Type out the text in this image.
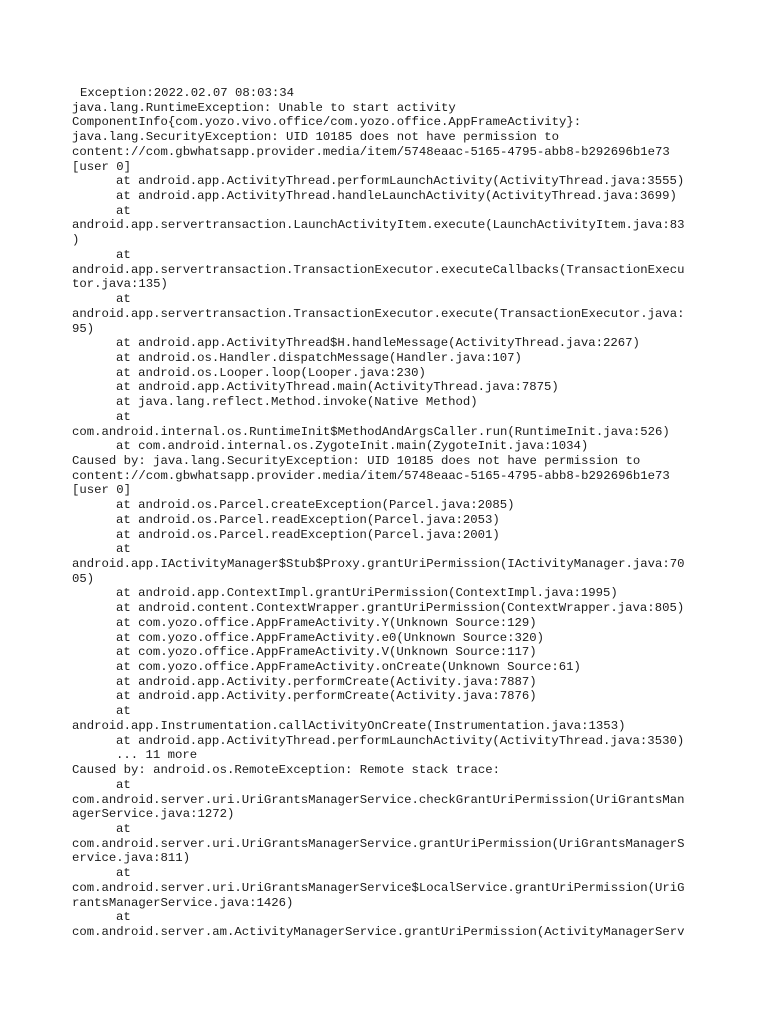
Exception:2022.02.07 08:03:34
java.lang.RuntimeException: Unable to start activity
ComponentInfo{com.yozo.vivo.office/com.yozo.office.AppFrameActivity}:
java.lang.SecurityException: UID 10185 does not have permission to
content://com.gbwhatsapp.provider.media/item/5748eaac-5165-4795-abb8-b292696b1e73
[user 0]
at android.app.ActivityThread.performLaunchActivity(ActivityThread.java:3555)
at android.app.ActivityThread.handleLaunchActivity(ActivityThread.java:3699)
at
android.app.servertransaction.LaunchActivityItem.execute(LaunchActivityItem.java:83
)
at
android.app.servertransaction.TransactionExecutor.executeCallbacks(TransactionExecu
tor.java:135)
at
android.app.servertransaction.TransactionExecutor.execute(TransactionExecutor.java:
95)
at android.app.ActivityThread$H.handleMessage(ActivityThread.java:2267)
at android.os.Handler.dispatchMessage(Handler.java:107)
at android.os.Looper.loop(Looper.java:230)
at android.app.ActivityThread.main(ActivityThread.java:7875)
at java.lang.reflect.Method.invoke(Native Method)
at
com.android.internal.os.RuntimeInit$MethodAndArgsCaller.run(RuntimeInit.java:526)
at com.android.internal.os.ZygoteInit.main(ZygoteInit.java:1034)
Caused by: java.lang.SecurityException: UID 10185 does not have permission to
content://com.gbwhatsapp.provider.media/item/5748eaac-5165-4795-abb8-b292696b1e73
[user 0]
at android.os.Parcel.createException(Parcel.java:2085)
at android.os.Parcel.readException(Parcel.java:2053)
at android.os.Parcel.readException(Parcel.java:2001)
at
android.app.IActivityManager$Stub$Proxy.grantUriPermission(IActivityManager.java:70
05)
at android.app.ContextImpl.grantUriPermission(ContextImpl.java:1995)
at android.content.ContextWrapper.grantUriPermission(ContextWrapper.java:805)
at com.yozo.office.AppFrameActivity.Y(Unknown Source:129)
at com.yozo.office.AppFrameActivity.e0(Unknown Source:320)
at com.yozo.office.AppFrameActivity.V(Unknown Source:117)
at com.yozo.office.AppFrameActivity.onCreate(Unknown Source:61)
at android.app.Activity.performCreate(Activity.java:7887)
at android.app.Activity.performCreate(Activity.java:7876)
at
android.app.Instrumentation.callActivityOnCreate(Instrumentation.java:1353)
at android.app.ActivityThread.performLaunchActivity(ActivityThread.java:3530)
... 11 more
Caused by: android.os.RemoteException: Remote stack trace:
at
com.android.server.uri.UriGrantsManagerService.checkGrantUriPermission(UriGrantsMan
agerService.java:1272)
at
com.android.server.uri.UriGrantsManagerService.grantUriPermission(UriGrantsManagerS
ervice.java:811)
at
com.android.server.uri.UriGrantsManagerService$LocalService.grantUriPermission(UriG
rantsManagerService.java:1426)
at
com.android.server.am.ActivityManagerService.grantUriPermission(ActivityManagerServ
